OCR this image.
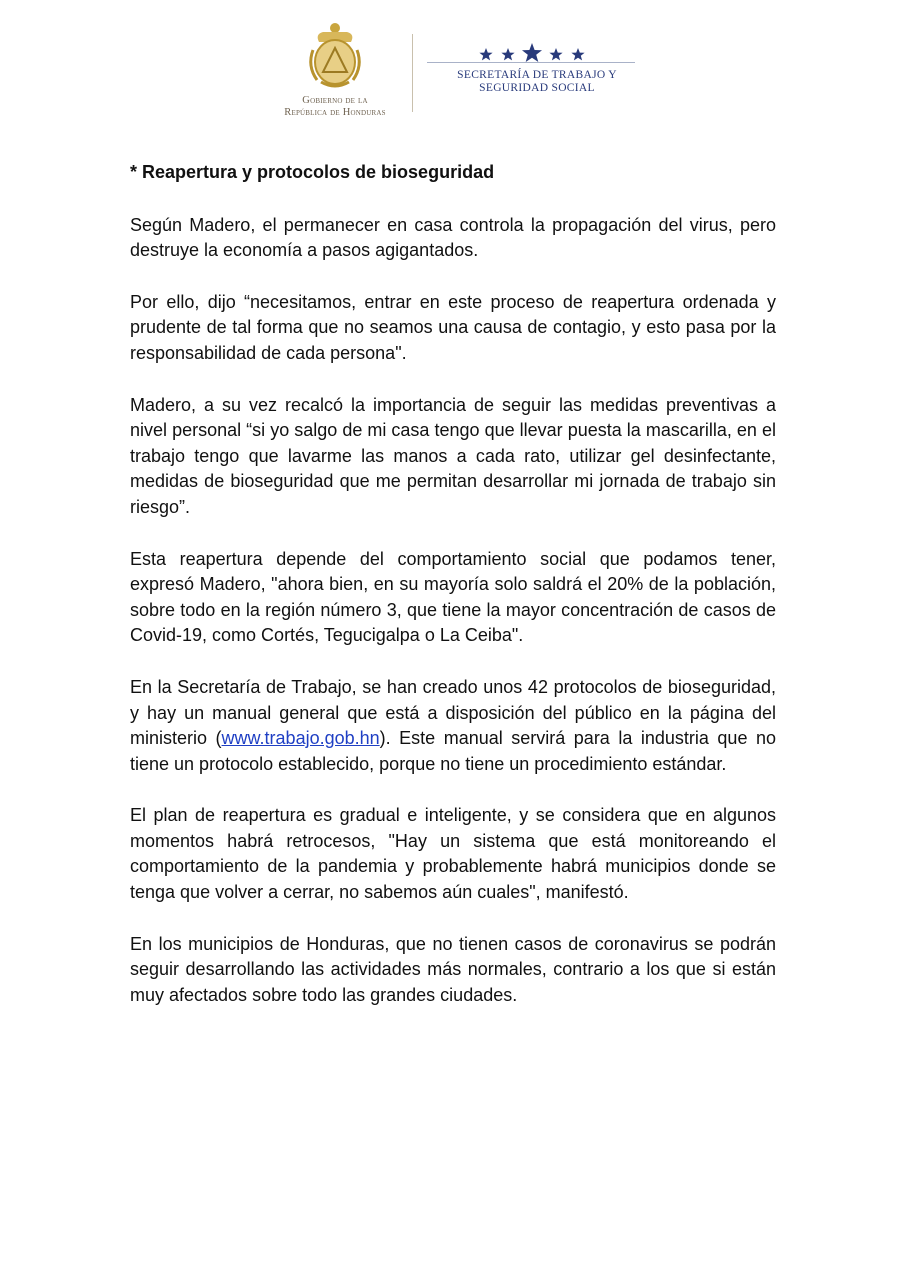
Gobierno de la
República de Honduras
SECRETARÍA DE TRABAJO Y
SEGURIDAD SOCIAL

* Reapertura y protocolos de bioseguridad

Según Madero, el permanecer en casa controla la propagación del virus, pero destruye la economía a pasos agigantados.

Por ello, dijo “necesitamos, entrar en este proceso de reapertura ordenada y prudente de tal forma que no seamos una causa de contagio, y esto pasa por la responsabilidad de cada persona".

Madero, a su vez recalcó la importancia de seguir las medidas preventivas a nivel personal “si yo salgo de mi casa tengo que llevar puesta la mascarilla, en el trabajo tengo que lavarme las manos a cada rato, utilizar gel desinfectante, medidas de bioseguridad que me permitan desarrollar mi jornada de trabajo sin riesgo”.

Esta reapertura depende del comportamiento social que podamos tener, expresó Madero, "ahora bien, en su mayoría solo saldrá el 20% de la población, sobre todo en la región número 3, que tiene la mayor concentración de casos de Covid-19, como Cortés, Tegucigalpa o La Ceiba".

En la Secretaría de Trabajo, se han creado unos 42 protocolos de bioseguridad, y hay un manual general que está a disposición del público en la página del ministerio (www.trabajo.gob.hn). Este manual servirá para la industria que no tiene un protocolo establecido, porque no tiene un procedimiento estándar.

El plan de reapertura es gradual e inteligente, y se considera que en algunos momentos habrá retrocesos, "Hay un sistema que está monitoreando el comportamiento de la pandemia y probablemente habrá municipios donde se tenga que volver a cerrar, no sabemos aún cuales", manifestó.

En los municipios de Honduras, que no tienen casos de coronavirus se podrán seguir desarrollando las actividades más normales, contrario a los que si están muy afectados sobre todo las grandes ciudades.
